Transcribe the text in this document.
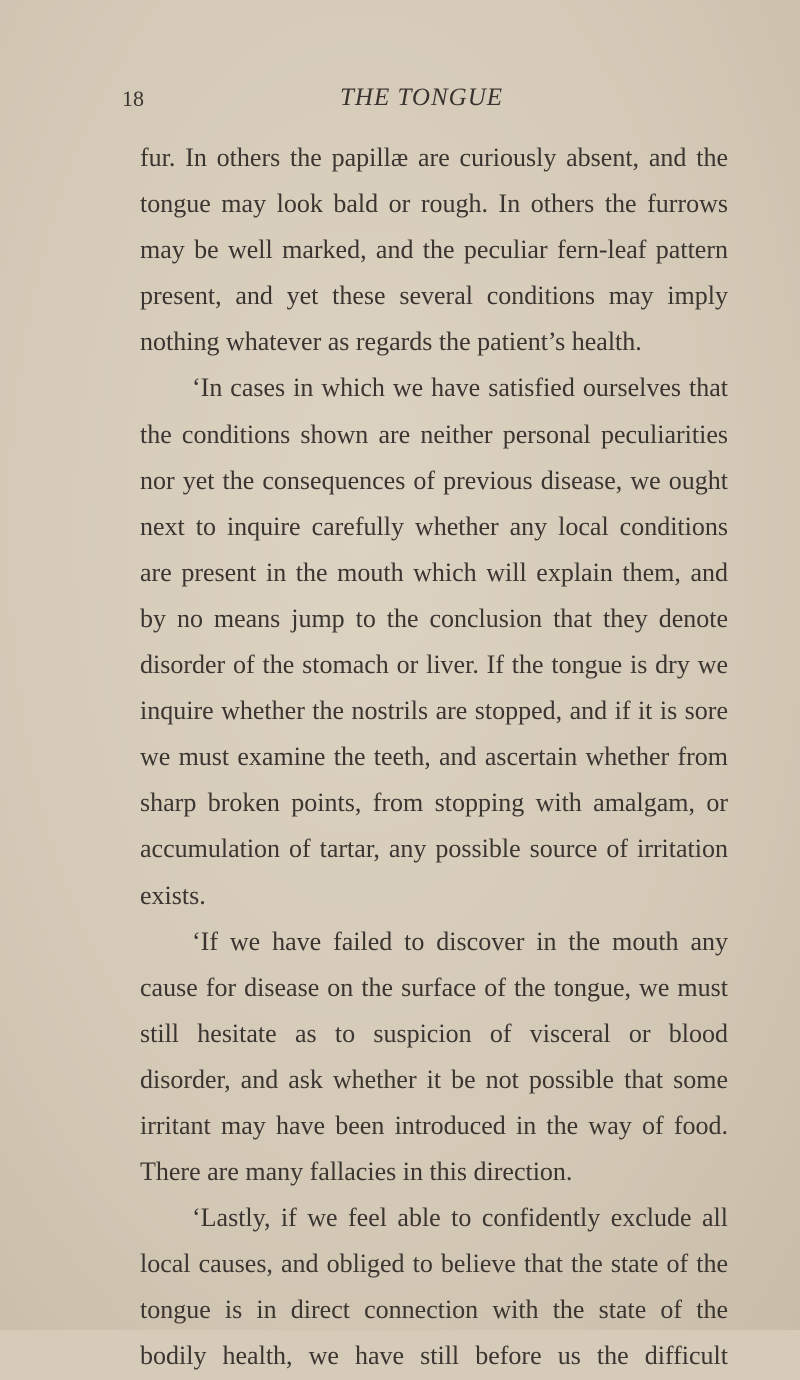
18	THE TONGUE

fur. In others the papillæ are curiously absent, and the tongue may look bald or rough. In others the furrows may be well marked, and the peculiar fern-leaf pattern present, and yet these several conditions may imply nothing whatever as regards the patient’s health.

‘In cases in which we have satisfied ourselves that the conditions shown are neither personal peculiarities nor yet the consequences of previous disease, we ought next to inquire carefully whether any local conditions are present in the mouth which will explain them, and by no means jump to the conclusion that they denote disorder of the stomach or liver. If the tongue is dry we inquire whether the nostrils are stopped, and if it is sore we must examine the teeth, and ascertain whether from sharp broken points, from stopping with amalgam, or accumulation of tartar, any possible source of irritation exists.

‘If we have failed to discover in the mouth any cause for disease on the surface of the tongue, we must still hesitate as to suspicion of visceral or blood disorder, and ask whether it be not possible that some irritant may have been introduced in the way of food. There are many fallacies in this direction.

‘Lastly, if we feel able to confidently exclude all local causes, and obliged to believe that the state of the tongue is in direct connection with the state of the bodily health, we have still before us the difficult
